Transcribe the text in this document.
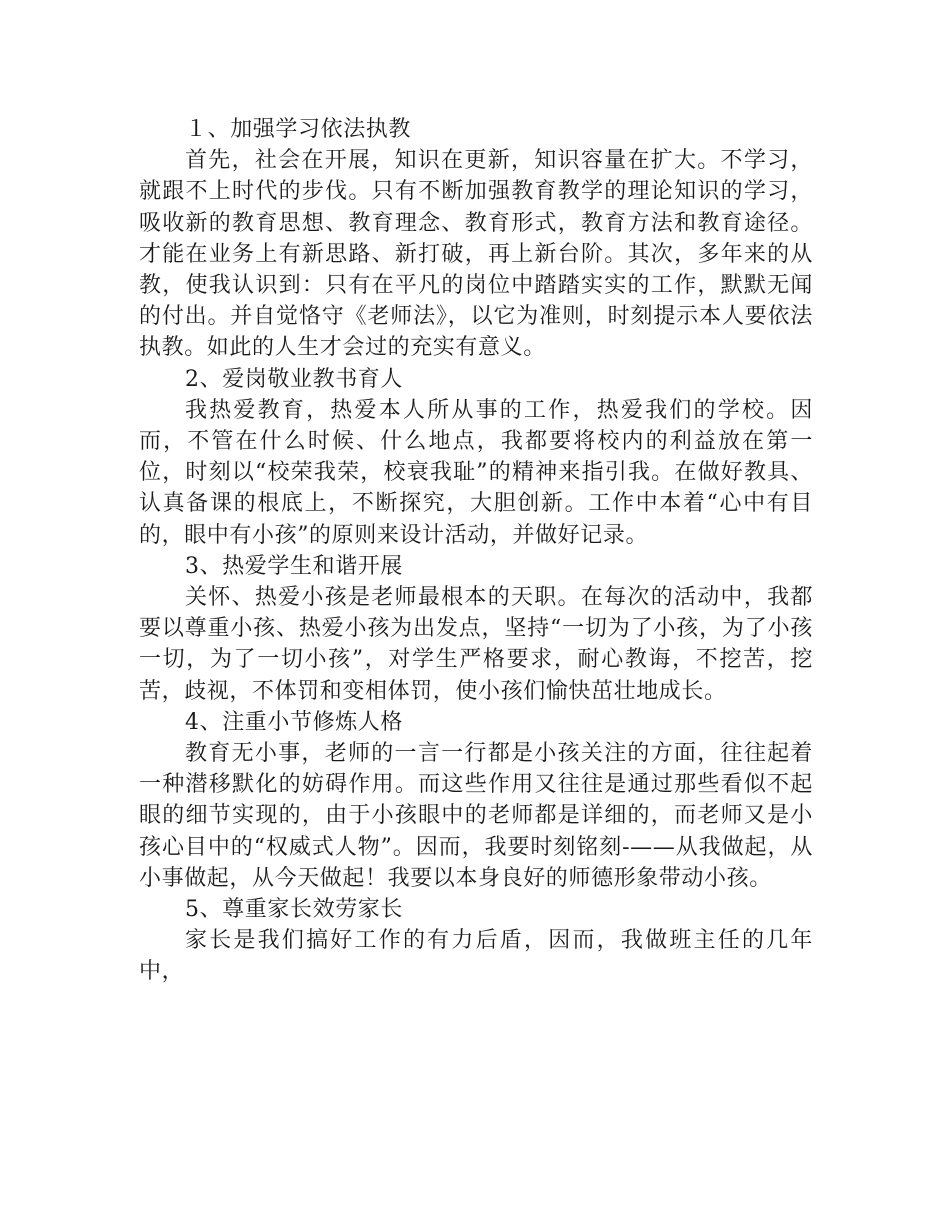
１、加强学习依法执教

首先，社会在开展，知识在更新，知识容量在扩大。不学习，就跟不上时代的步伐。只有不断加强教育教学的理论知识的学习，吸收新的教育思想、教育理念、教育形式，教育方法和教育途径。才能在业务上有新思路、新打破，再上新台阶。其次，多年来的从教，使我认识到：只有在平凡的岗位中踏踏实实的工作，默默无闻的付出。并自觉恪守《老师法》，以它为准则，时刻提示本人要依法执教。如此的人生才会过的充实有意义。

2、爱岗敬业教书育人

我热爱教育，热爱本人所从事的工作，热爱我们的学校。因而，不管在什么时候、什么地点，我都要将校内的利益放在第一位，时刻以“校荣我荣，校衰我耻”的精神来指引我。在做好教具、认真备课的根底上，不断探究，大胆创新。工作中本着“心中有目的，眼中有小孩”的原则来设计活动，并做好记录。

3、热爱学生和谐开展

关怀、热爱小孩是老师最根本的天职。在每次的活动中，我都要以尊重小孩、热爱小孩为出发点，坚持“一切为了小孩，为了小孩一切，为了一切小孩”，对学生严格要求，耐心教诲，不挖苦，挖苦，歧视，不体罚和变相体罚，使小孩们愉快茁壮地成长。

4、注重小节修炼人格

教育无小事，老师的一言一行都是小孩关注的方面，往往起着一种潜移默化的妨碍作用。而这些作用又往往是通过那些看似不起眼的细节实现的，由于小孩眼中的老师都是详细的，而老师又是小孩心目中的“权威式人物”。因而，我要时刻铭刻-——从我做起，从小事做起，从今天做起！我要以本身良好的师德形象带动小孩。

5、尊重家长效劳家长

家长是我们搞好工作的有力后盾，因而，我做班主任的几年中，
